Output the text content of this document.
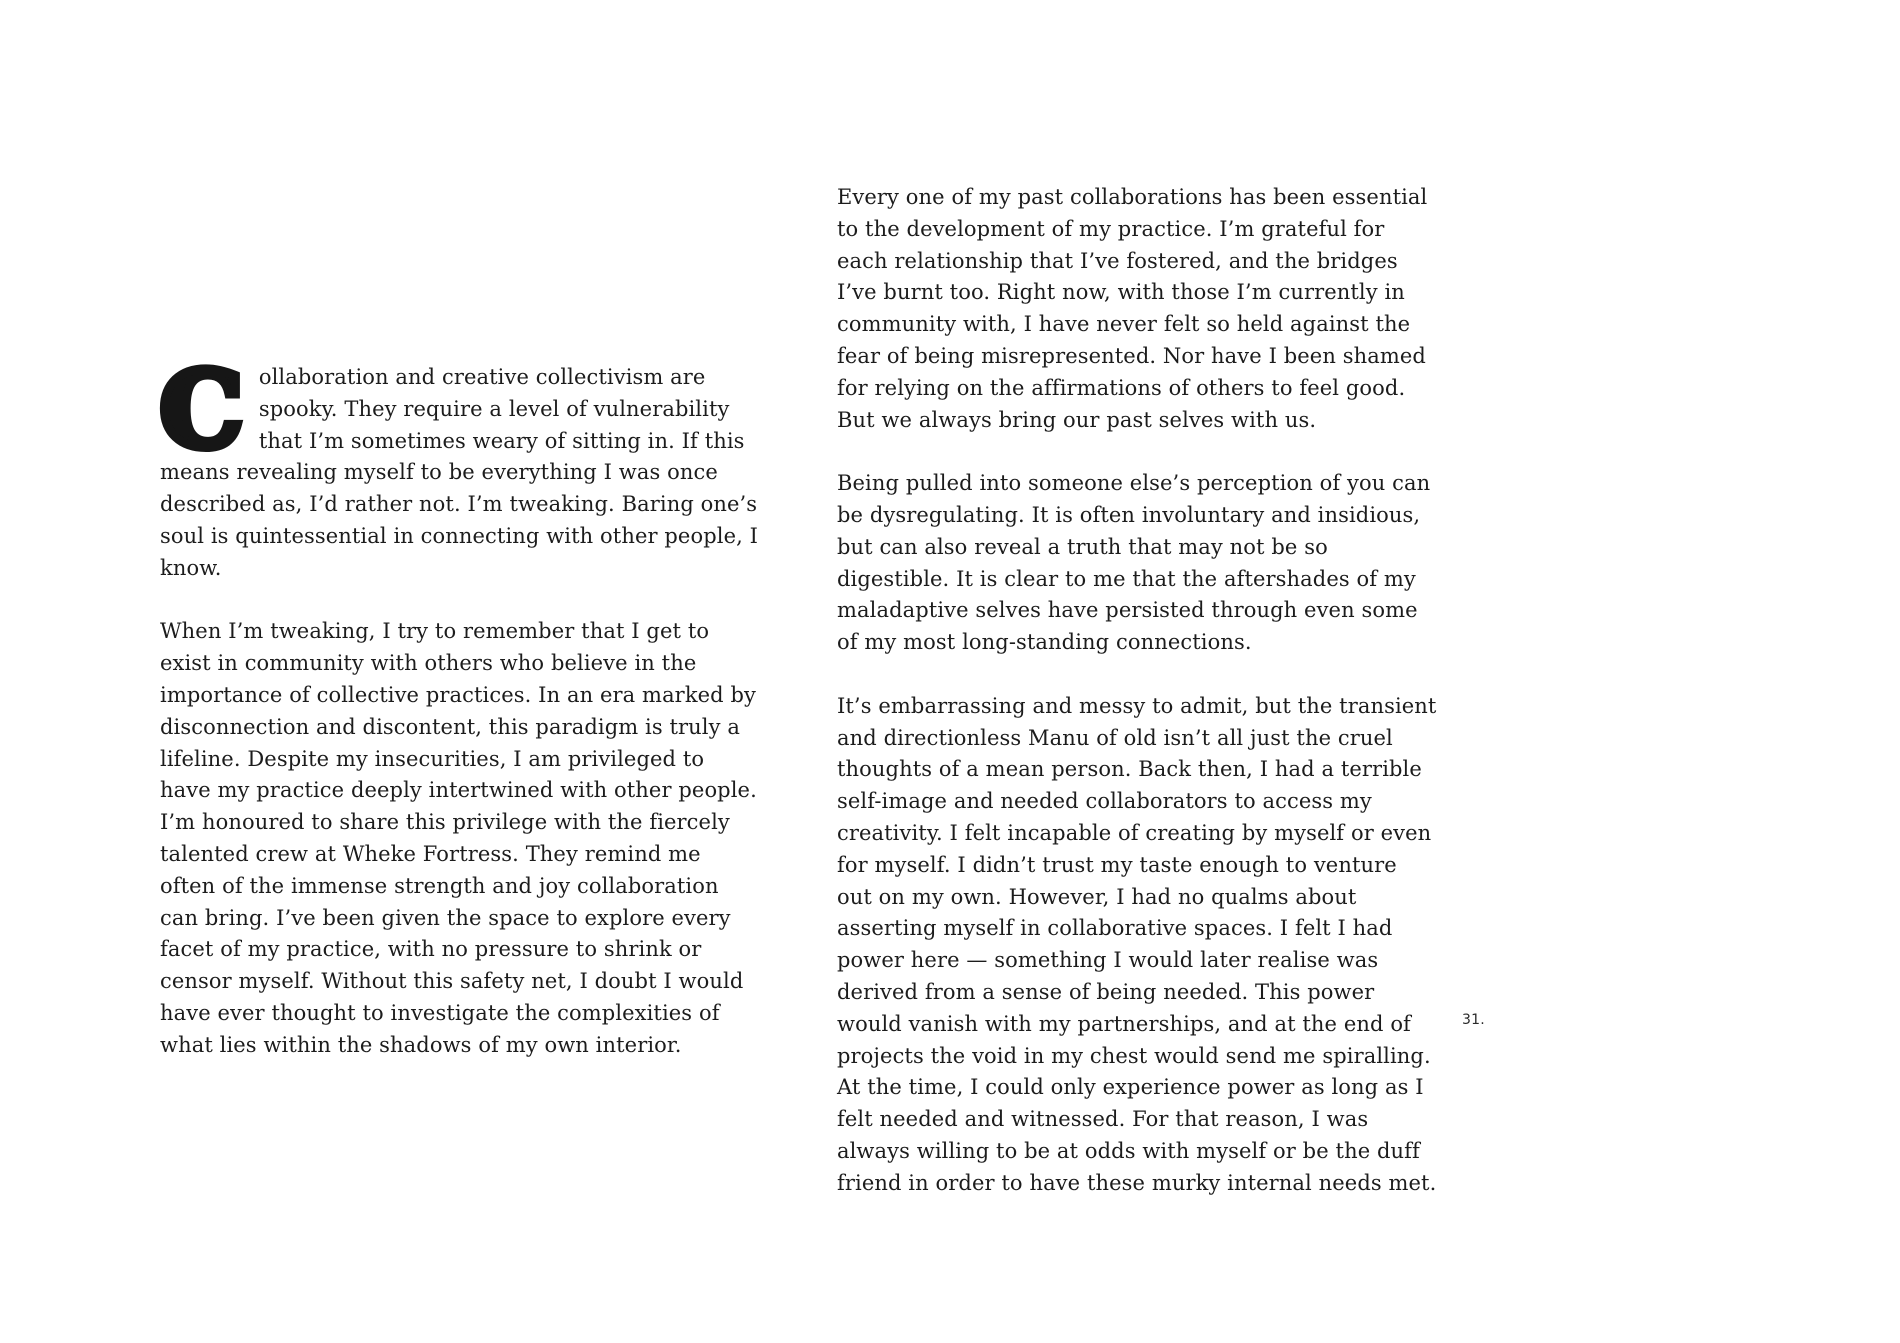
Collaboration and creative collectivism are spooky. They require a level of vulnerability that I’m sometimes weary of sitting in. If this means revealing myself to be everything I was once described as, I’d rather not. I’m tweaking. Baring one’s soul is quintessential in connecting with other people, I know.

When I’m tweaking, I try to remember that I get to exist in community with others who believe in the importance of collective practices. In an era marked by disconnection and discontent, this paradigm is truly a lifeline. Despite my insecurities, I am privileged to have my practice deeply intertwined with other people. I’m honoured to share this privilege with the fiercely talented crew at Wheke Fortress. They remind me often of the immense strength and joy collaboration can bring. I’ve been given the space to explore every facet of my practice, with no pressure to shrink or censor myself. Without this safety net, I doubt I would have ever thought to investigate the complexities of what lies within the shadows of my own interior.

Every one of my past collaborations has been essential to the development of my practice. I’m grateful for each relationship that I’ve fostered, and the bridges I’ve burnt too. Right now, with those I’m currently in community with, I have never felt so held against the fear of being misrepresented. Nor have I been shamed for relying on the affirmations of others to feel good. But we always bring our past selves with us.

Being pulled into someone else’s perception of you can be dysregulating. It is often involuntary and insidious, but can also reveal a truth that may not be so digestible. It is clear to me that the aftershades of my maladaptive selves have persisted through even some of my most long-standing connections.

It’s embarrassing and messy to admit, but the transient and directionless Manu of old isn’t all just the cruel thoughts of a mean person. Back then, I had a terrible self-image and needed collaborators to access my creativity. I felt incapable of creating by myself or even for myself. I didn’t trust my taste enough to venture out on my own. However, I had no qualms about asserting myself in collaborative spaces. I felt I had power here — something I would later realise was derived from a sense of being needed. This power would vanish with my partnerships, and at the end of projects the void in my chest would send me spiralling. At the time, I could only experience power as long as I felt needed and witnessed. For that reason, I was always willing to be at odds with myself or be the duff friend in order to have these murky internal needs met.

31.
